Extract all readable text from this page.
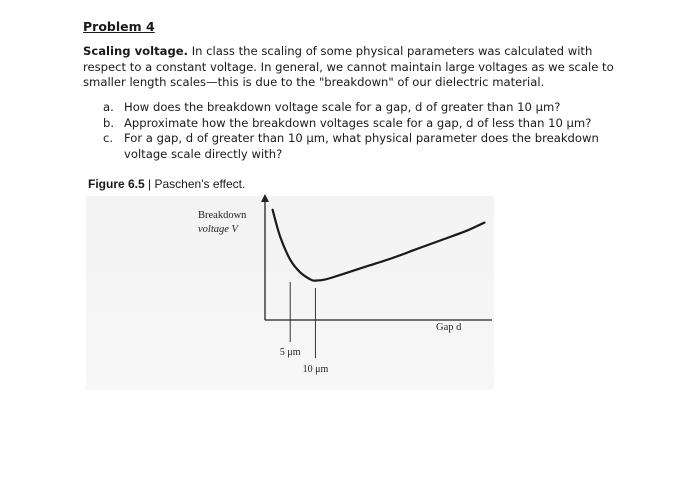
Problem 4
Scaling voltage. In class the scaling of some physical parameters was calculated with respect to a constant voltage. In general, we cannot maintain large voltages as we scale to smaller length scales—this is due to the "breakdown" of our dielectric material.
a. How does the breakdown voltage scale for a gap, d of greater than 10 μm?
b. Approximate how the breakdown voltages scale for a gap, d of less than 10 μm?
c. For a gap, d of greater than 10 μm, what physical parameter does the breakdown voltage scale directly with?
Figure 6.5 | Paschen's effect.
Breakdown
voltage V
Gap d
5 μm
10 μm
